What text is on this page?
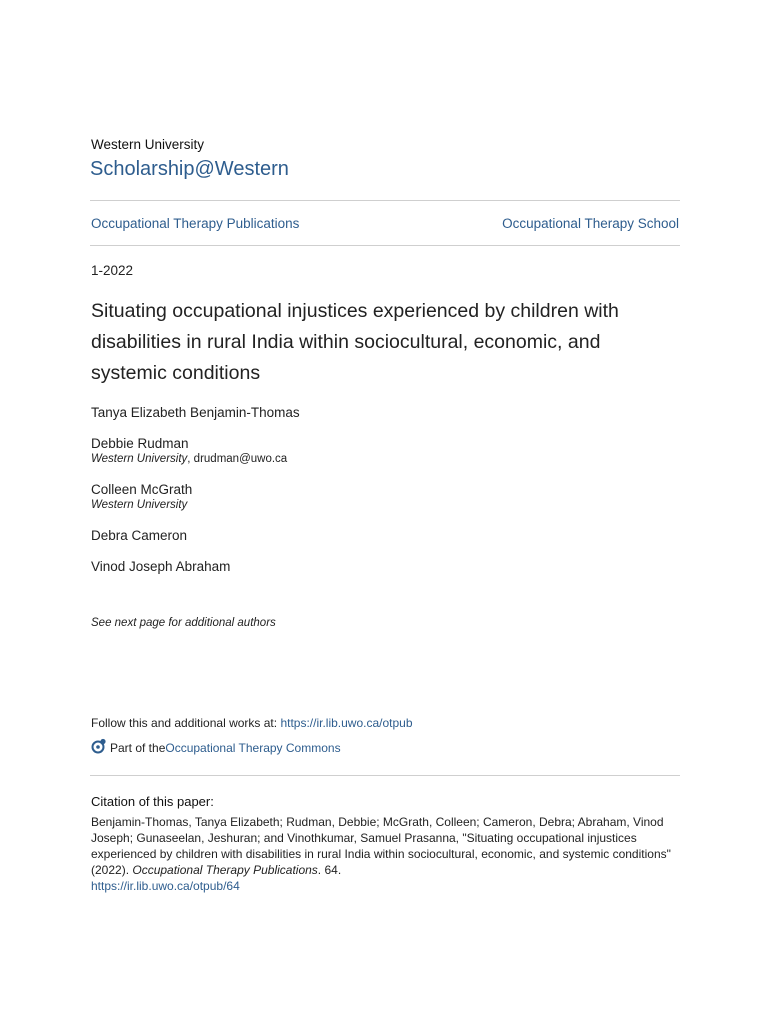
Western University
Scholarship@Western
Occupational Therapy Publications	Occupational Therapy School
1-2022
Situating occupational injustices experienced by children with disabilities in rural India within sociocultural, economic, and systemic conditions
Tanya Elizabeth Benjamin-Thomas
Debbie Rudman
Western University, drudman@uwo.ca
Colleen McGrath
Western University
Debra Cameron
Vinod Joseph Abraham
See next page for additional authors
Follow this and additional works at: https://ir.lib.uwo.ca/otpub
Part of the Occupational Therapy Commons
Citation of this paper:
Benjamin-Thomas, Tanya Elizabeth; Rudman, Debbie; McGrath, Colleen; Cameron, Debra; Abraham, Vinod Joseph; Gunaseelan, Jeshuran; and Vinothkumar, Samuel Prasanna, "Situating occupational injustices experienced by children with disabilities in rural India within sociocultural, economic, and systemic conditions" (2022). Occupational Therapy Publications. 64.
https://ir.lib.uwo.ca/otpub/64
